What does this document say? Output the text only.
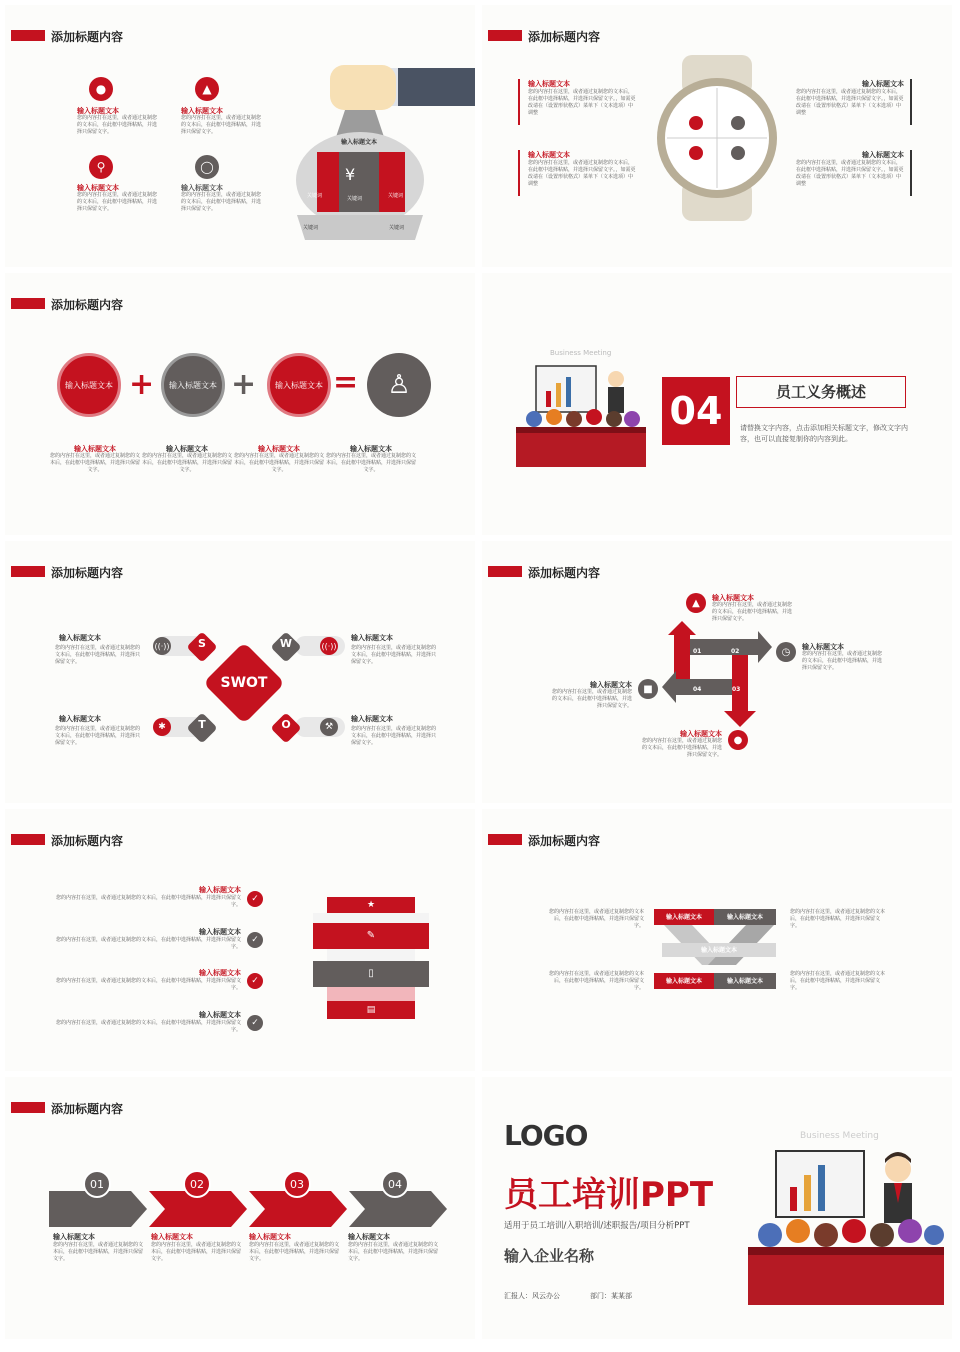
添加标题内容
●
输入标题文本
您的内容打在这里，或者通过复制您的文本后，在此框中选择粘贴，并选择只保留文字。
▲
输入标题文本
您的内容打在这里，或者通过复制您的文本后，在此框中选择粘贴，并选择只保留文字。
⚲
输入标题文本
您的内容打在这里，或者通过复制您的文本后，在此框中选择粘贴，并选择只保留文字。
◯
输入标题文本
您的内容打在这里，或者通过复制您的文本后，在此框中选择粘贴，并选择只保留文字。
¥
输入标题文本
关键词	关键词
关键词
关键词	关键词
添加标题内容
输入标题文本
您的内容打在这里，或者通过复制您的文本后，在此框中选择粘贴，并选择只保留文字。，如需更改请在（设置形状格式）菜单下（文本选项）中调整
输入标题文本
您的内容打在这里，或者通过复制您的文本后，在此框中选择粘贴，并选择只保留文字。，如需更改请在（设置形状格式）菜单下（文本选项）中调整
输入标题文本
您的内容打在这里，或者通过复制您的文本后，在此框中选择粘贴，并选择只保留文字。，如需更改请在（设置形状格式）菜单下（文本选项）中调整
输入标题文本
您的内容打在这里，或者通过复制您的文本后，在此框中选择粘贴，并选择只保留文字。，如需更改请在（设置形状格式）菜单下（文本选项）中调整
添加标题内容
输入标题文本 +	输入标题文本 +	输入标题文本 =	♙
输入标题文本
您的内容打在这里，或者通过复制您的文本后，在此框中选择粘贴，并选择只保留文字。
输入标题文本
您的内容打在这里，或者通过复制您的文本后，在此框中选择粘贴，并选择只保留文字。
输入标题文本
您的内容打在这里，或者通过复制您的文本后，在此框中选择粘贴，并选择只保留文字。
输入标题文本
您的内容打在这里，或者通过复制您的文本后，在此框中选择粘贴，并选择只保留文字。
Business Meeting
04	员工义务概述
请替换文字内容，点击添加相关标题文字，修改文字内容，也可以直接复制你的内容到此。
添加标题内容
输入标题文本
您的内容打在这里，或者通过复制您的文本后，在此框中选择粘贴，并选择只保留文字。
输入标题文本
您的内容打在这里，或者通过复制您的文本后，在此框中选择粘贴，并选择只保留文字。
输入标题文本
您的内容打在这里，或者通过复制您的文本后，在此框中选择粘贴，并选择只保留文字。
输入标题文本
您的内容打在这里，或者通过复制您的文本后，在此框中选择粘贴，并选择只保留文字。
((·))	((·))
✱	⚒
S	W
T	O
SWOT
添加标题内容
01	02
03
04
▲	输入标题文本
您的内容打在这里，或者通过复制您的文本后，在此框中选择粘贴，并选择只保留文字。
◷	输入标题文本
您的内容打在这里，或者通过复制您的文本后，在此框中选择粘贴，并选择只保留文字。
■
输入标题文本
您的内容打在这里，或者通过复制您的文本后，在此框中选择粘贴，并选择只保留文字。
●
输入标题文本
您的内容打在这里，或者通过复制您的文本后，在此框中选择粘贴，并选择只保留文字。
添加标题内容
输入标题文本
您的内容打在这里，或者通过复制您的文本后，在此框中选择粘贴，并选择只保留文字。
✓
输入标题文本
您的内容打在这里，或者通过复制您的文本后，在此框中选择粘贴，并选择只保留文字。
✓
输入标题文本
您的内容打在这里，或者通过复制您的文本后，在此框中选择粘贴，并选择只保留文字。
✓
输入标题文本
您的内容打在这里，或者通过复制您的文本后，在此框中选择粘贴，并选择只保留文字。
✓
★
✎
▯
▤
添加标题内容
您的内容打在这里，或者通过复制您的文本后，在此框中选择粘贴，并选择只保留文字。
您的内容打在这里，或者通过复制您的文本后，在此框中选择粘贴，并选择只保留文字。
您的内容打在这里，或者通过复制您的文本后，在此框中选择粘贴，并选择只保留文字。
您的内容打在这里，或者通过复制您的文本后，在此框中选择粘贴，并选择只保留文字。
输入标题文本	输入标题文本
输入标题文本
输入标题文本	输入标题文本
添加标题内容
01	02	03	04
输入标题文本
您的内容打在这里，或者通过复制您的文本后，在此框中选择粘贴，并选择只保留文字。
输入标题文本
您的内容打在这里，或者通过复制您的文本后，在此框中选择粘贴，并选择只保留文字。
输入标题文本
您的内容打在这里，或者通过复制您的文本后，在此框中选择粘贴，并选择只保留文字。
输入标题文本
您的内容打在这里，或者通过复制您的文本后，在此框中选择粘贴，并选择只保留文字。
LOGO
员工培训PPT
适用于员工培训/入职培训/述职报告/项目分析PPT
输入企业名称
汇报人：风云办公	部门：某某部
Business Meeting
